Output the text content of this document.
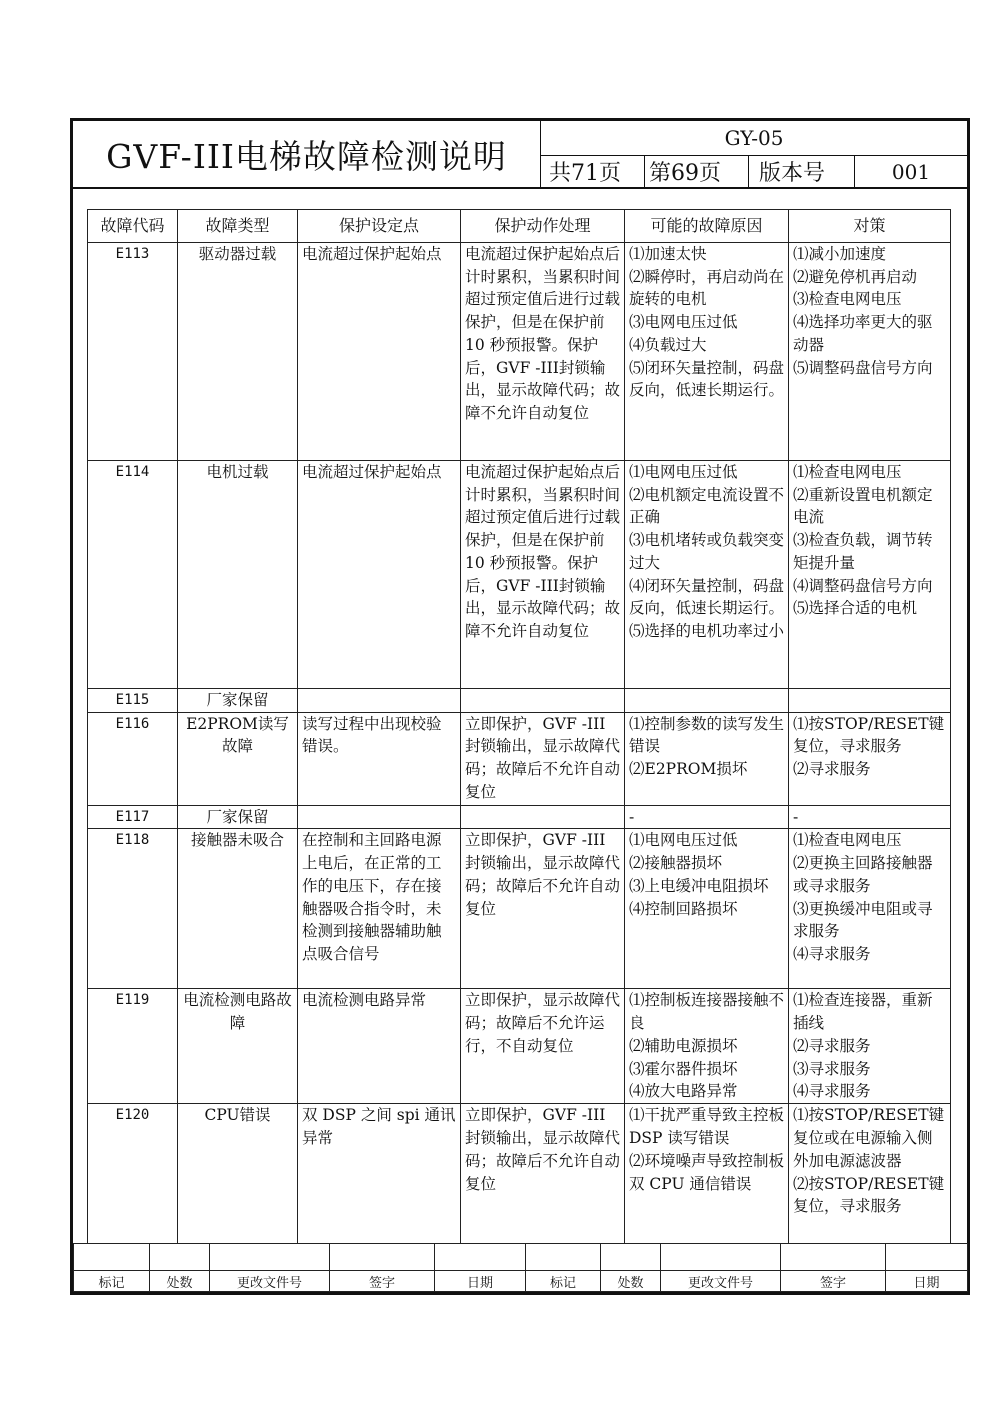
GVF-III电梯故障检测说明	GY-05
共71页	第69页	版本号	001
故障代码	故障类型	保护设定点	保护动作处理	可能的故障原因	对策
E113	驱动器过载	电流超过保护起始点	电流超过保护起始点后计时累积，当累积时间超过预定值后进行过载保护，但是在保护前10 秒预报警。保护后，GVF -III封锁输出，显示故障代码；故障不允许自动复位	⑴加速太快
⑵瞬停时，再启动尚在旋转的电机
⑶电网电压过低
⑷负载过大
⑸闭环矢量控制，码盘反向，低速长期运行。	⑴减小加速度
⑵避免停机再启动
⑶检查电网电压
⑷选择功率更大的驱动器
⑸调整码盘信号方向

E114	电机过载	电流超过保护起始点	电流超过保护起始点后计时累积，当累积时间超过预定值后进行过载保护，但是在保护前10 秒预报警。保护后，GVF -III封锁输出，显示故障代码；故障不允许自动复位	⑴电网电压过低
⑵电机额定电流设置不正确
⑶电机堵转或负载突变过大
⑷闭环矢量控制，码盘反向，低速长期运行。
⑸选择的电机功率过小	⑴检查电网电压
⑵重新设置电机额定电流
⑶检查负载，调节转矩提升量
⑷调整码盘信号方向
⑸选择合适的电机

E115	厂家保留				
E116	E2PROM读写故障	读写过程中出现校验错误。	立即保护，GVF -III封锁输出，显示故障代码；故障后不允许自动复位	⑴控制参数的读写发生错误
⑵E2PROM损坏	⑴按STOP/RESET键复位，寻求服务
⑵寻求服务

E117	厂家保留			-	-

E118	接触器未吸合	在控制和主回路电源上电后，在正常的工作的电压下，存在接触器吸合指令时，未检测到接触器辅助触点吸合信号	立即保护，GVF -III封锁输出，显示故障代码；故障后不允许自动复位	⑴电网电压过低
⑵接触器损坏
⑶上电缓冲电阻损坏
⑷控制回路损坏	⑴检查电网电压
⑵更换主回路接触器或寻求服务
⑶更换缓冲电阻或寻求服务
⑷寻求服务

E119	电流检测电路故障	电流检测电路异常	立即保护，显示故障代码；故障后不允许运行，不自动复位	⑴控制板连接器接触不良
⑵辅助电源损坏
⑶霍尔器件损坏
⑷放大电路异常	⑴检查连接器，重新插线
⑵寻求服务
⑶寻求服务
⑷寻求服务

E120	CPU错误	双 DSP 之间 spi 通讯异常	立即保护，GVF -III封锁输出，显示故障代码；故障后不允许自动复位	⑴干扰严重导致主控板 DSP 读写错误
⑵环境噪声导致控制板双 CPU 通信错误	⑴按STOP/RESET键复位或在电源输入侧外加电源滤波器
⑵按STOP/RESET键复位，寻求服务

标记	处数	更改文件号	签字	日期	标记	处数	更改文件号	签字	日期
